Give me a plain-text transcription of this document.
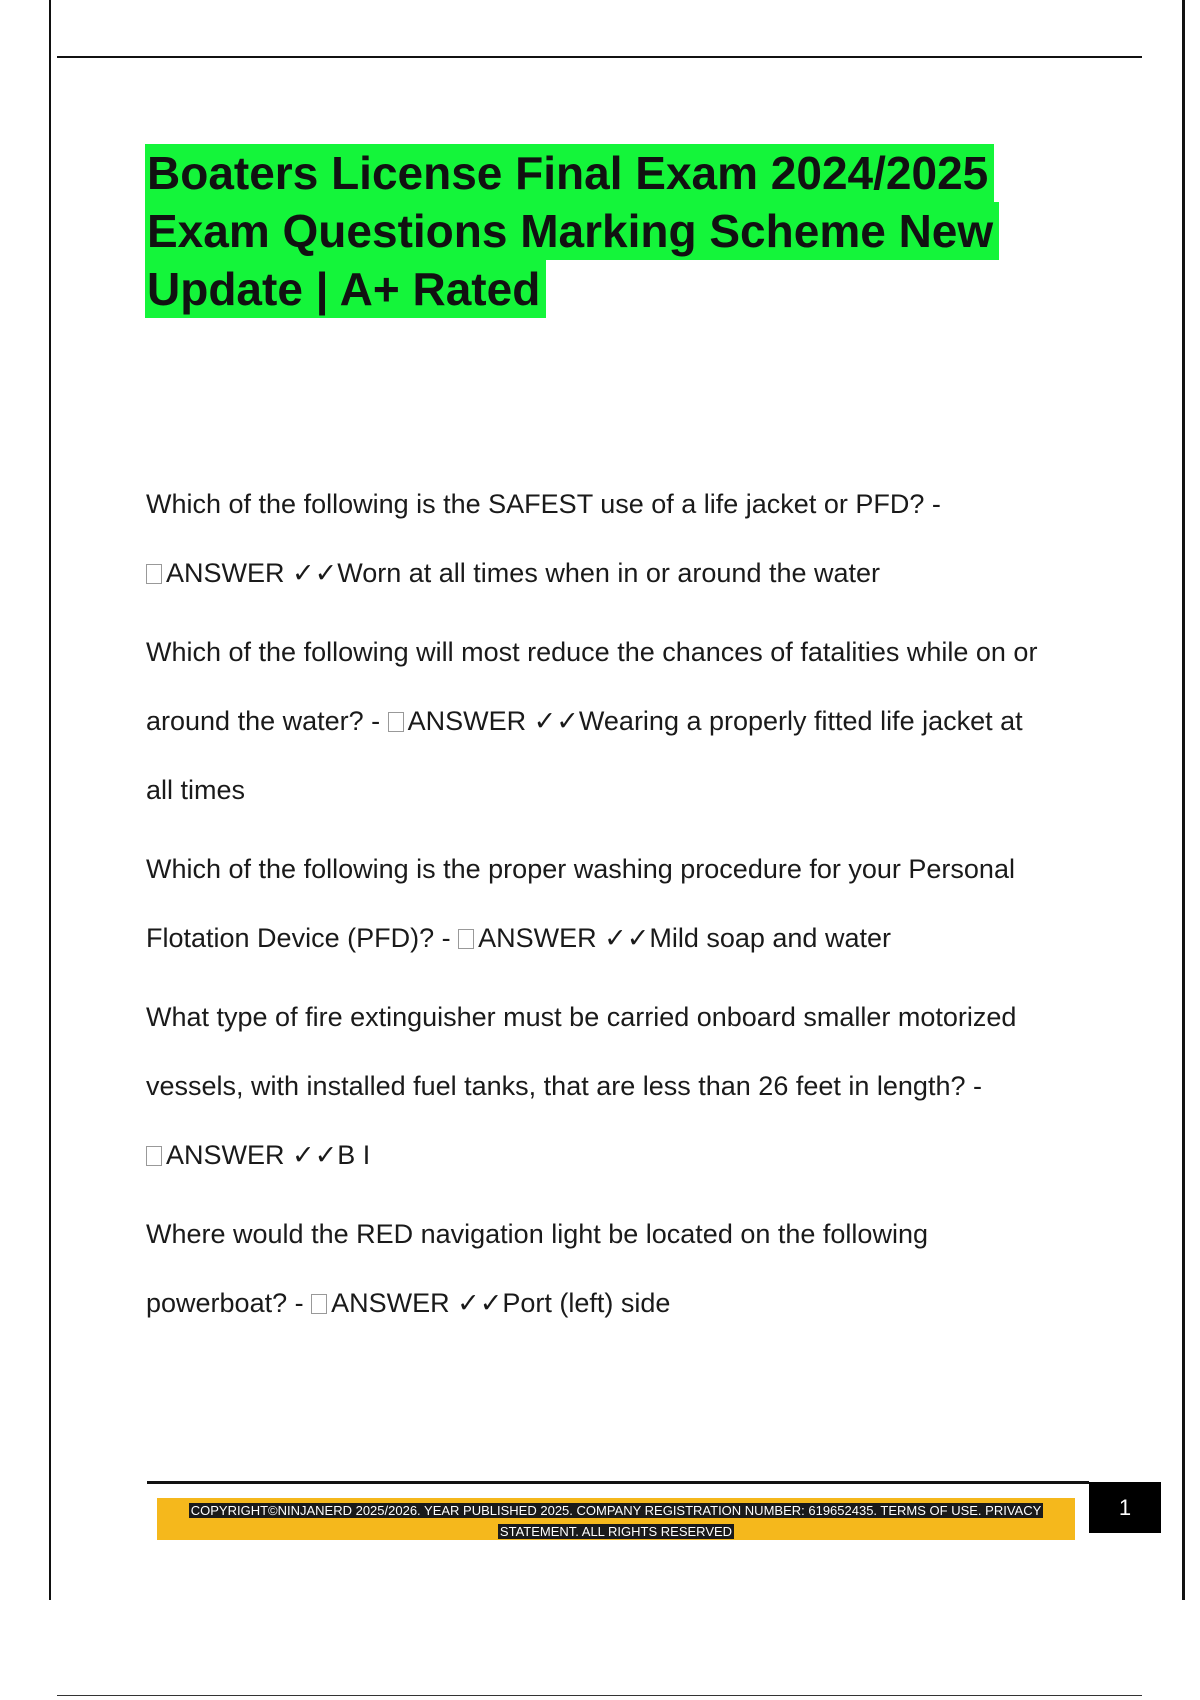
Boaters License Final Exam 2024/2025
Exam Questions Marking Scheme New
Update | A+ Rated
Which of the following is the SAFEST use of a life jacket or PFD? -
ANSWER ✓✓Worn at all times when in or around the water
Which of the following will most reduce the chances of fatalities while on or
around the water? - ANSWER ✓✓Wearing a properly fitted life jacket at
all times
Which of the following is the proper washing procedure for your Personal
Flotation Device (PFD)? - ANSWER ✓✓Mild soap and water
What type of fire extinguisher must be carried onboard smaller motorized
vessels, with installed fuel tanks, that are less than 26 feet in length? -
ANSWER ✓✓B I
Where would the RED navigation light be located on the following
powerboat? - ANSWER ✓✓Port (left) side
COPYRIGHT©NINJANERD 2025/2026. YEAR PUBLISHED 2025. COMPANY REGISTRATION NUMBER: 619652435. TERMS OF USE. PRIVACY
STATEMENT. ALL RIGHTS RESERVED
1
